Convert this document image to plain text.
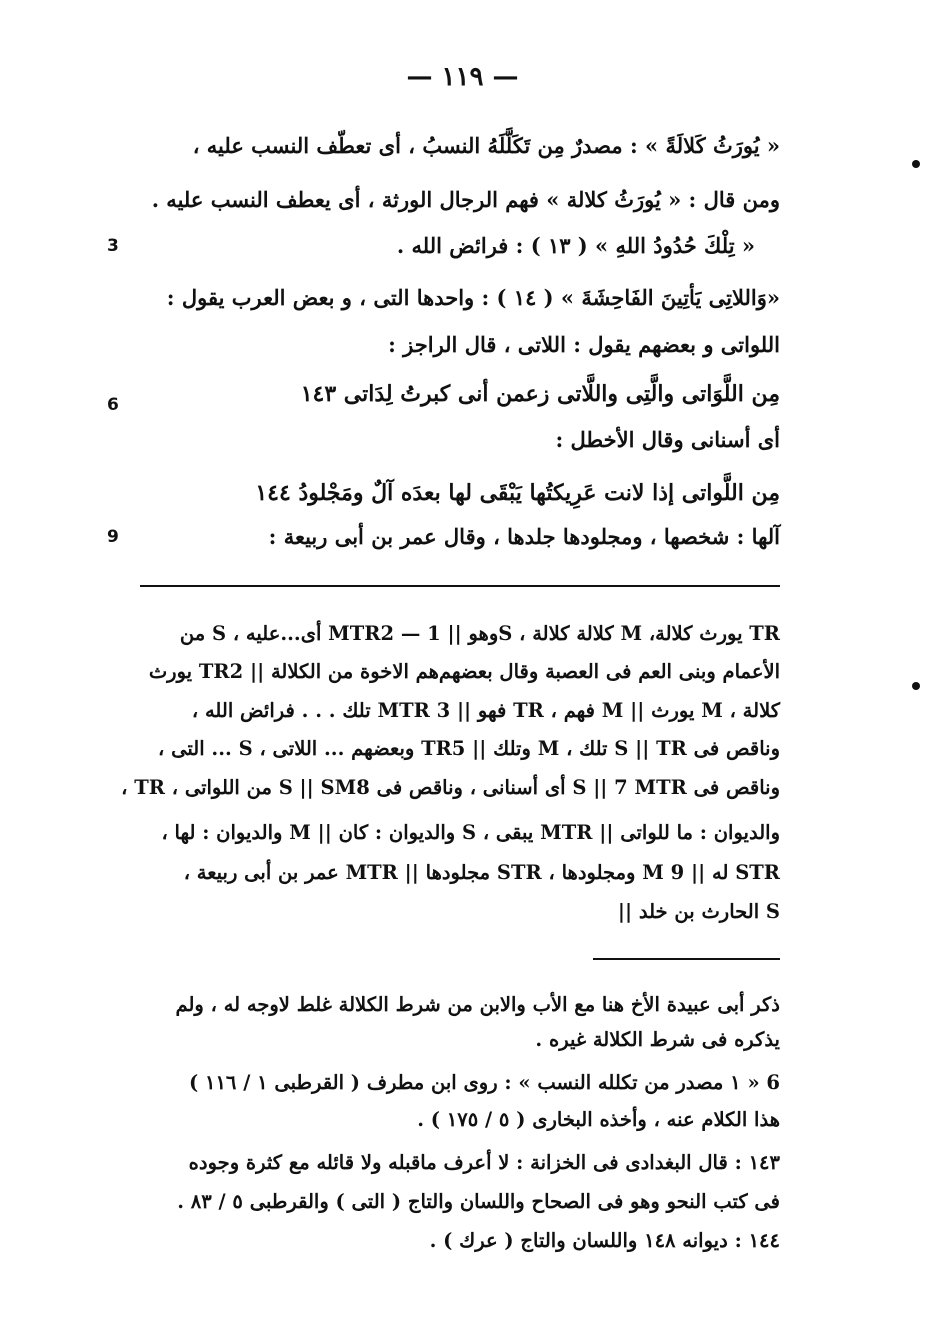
— ١١٩ —
« يُورَثُ كَلالَةً » : مصدرٌ مِن تَكَلَّلَهُ النسبُ ، أى تعطّف النسب عليه ،
ومن قال : « يُورَثُ كلالة » فهم الرجال الورثة ، أى يعطف النسب عليه .
« تِلْكَ حُدُودُ اللهِ » ( ١٣ ) : فرائض الله .
«وَاللاتِى يَأتِينَ الفَاحِشَةَ » ( ١٤ ) : واحدها التى ، و بعض العرب يقول :
اللواتى و بعضهم يقول : اللاتى ، قال الراجز :
مِن اللَّوَاتى والَّتِى واللَّاتى زعمن أنى كبرتُ لِدَاتى ١٤٣
أى أسنانى وقال الأخطل :
مِن اللَّواتى إذا لانت عَرِيكتُها يَبْقَى لها بعدَه آلٌ ومَجْلودُ ١٤٤
آلها : شخصها ، ومجلودها جلدها ، وقال عمر بن أبى ربيعة :
3
6
9
TR يورث كلالة، M كلالة كلالة ، Sوهو || 1 — MTR2 أى...عليه ، S من
الأعمام وبنى العم فى العصبة وقال بعضهم‌هم الاخوة من الكلالة || TR2 يورث
كلالة ، M يورث || M فهم ، TR فهو || 3 MTR تلك . . . فرائض الله ،
وناقص فى S || TR تلك ، M وتلك || TR5 وبعضهم ... اللاتى ، S ... التى ،
وناقص فى S || 7 MTR أى أسنانى ، وناقص فى S || SM8 من اللواتى ، TR ،
والديوان : ما للواتى || MTR يبقى ، S والديوان : كان || M والديوان : لها ،
STR له || 9 M ومجلودها ، STR مجلودها || MTR عمر بن أبى ربيعة ،
S الحارث بن خلد ||
ذكر أبى عبيدة الأخ هنا مع الأب والابن من شرط الكلالة غلط لاوجه له ، ولم
يذكره فى شرط الكلالة غيره .
6 « ١ مصدر من تكلله النسب » : روى ابن مطرف ( القرطبى ١ / ١١٦ )
هذا الكلام عنه ، وأخذه البخارى ( ٥ / ١٧٥ ) .
١٤٣ : قال البغدادى فى الخزانة : لا أعرف ماقبله ولا قائله مع كثرة وجوده
فى كتب النحو وهو فى الصحاح واللسان والتاج ( التى ) والقرطبى ٥ / ٨٣ .
١٤٤ : ديوانه ١٤٨ واللسان والتاج ( عرك ) .
